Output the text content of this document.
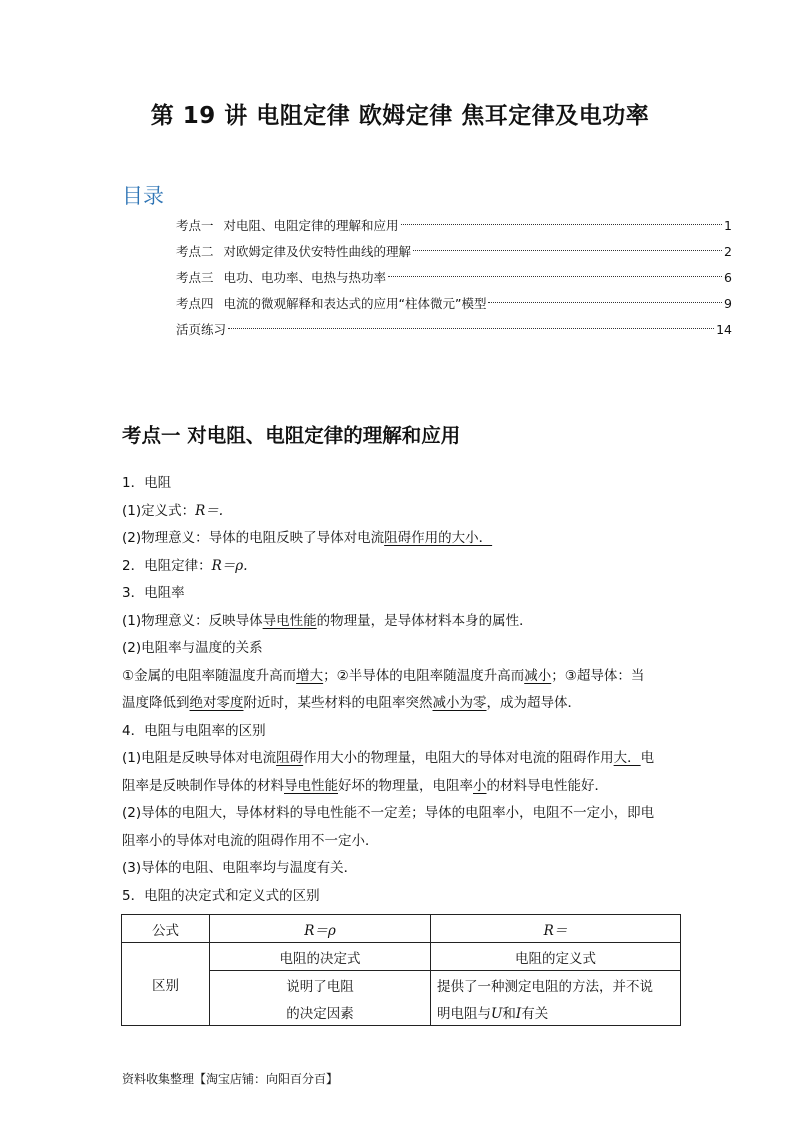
第 19 讲 电阻定律 欧姆定律 焦耳定律及电功率
目录
考点一 对电阻、电阻定律的理解和应用	1
考点二 对欧姆定律及伏安特性曲线的理解	2
考点三 电功、电功率、电热与热功率	6
考点四 电流的微观解释和表达式的应用“柱体微元”模型	9
活页练习	14
考点一 对电阻、电阻定律的理解和应用
1．电阻
(1)定义式：R＝.
(2)物理意义：导体的电阻反映了导体对电流阻碍作用的大小．
2．电阻定律：R＝ρ.
3．电阻率
(1)物理意义：反映导体导电性能的物理量，是导体材料本身的属性．
(2)电阻率与温度的关系
①金属的电阻率随温度升高而增大；②半导体的电阻率随温度升高而减小；③超导体：当
温度降低到绝对零度附近时，某些材料的电阻率突然减小为零，成为超导体．
4．电阻与电阻率的区别
(1)电阻是反映导体对电流阻碍作用大小的物理量，电阻大的导体对电流的阻碍作用大．电
阻率是反映制作导体的材料导电性能好坏的物理量，电阻率小的材料导电性能好．
(2)导体的电阻大，导体材料的导电性能不一定差；导体的电阻率小，电阻不一定小，即电
阻率小的导体对电流的阻碍作用不一定小．
(3)导体的电阻、电阻率均与温度有关．
5．电阻的决定式和定义式的区别
公式	R＝ρ	R＝
区别	电阻的决定式	电阻的定义式
	说明了电阻	提供了一种测定电阻的方法，并不说
	的决定因素	明电阻与U和I有关
资料收集整理【淘宝店铺：向阳百分百】
